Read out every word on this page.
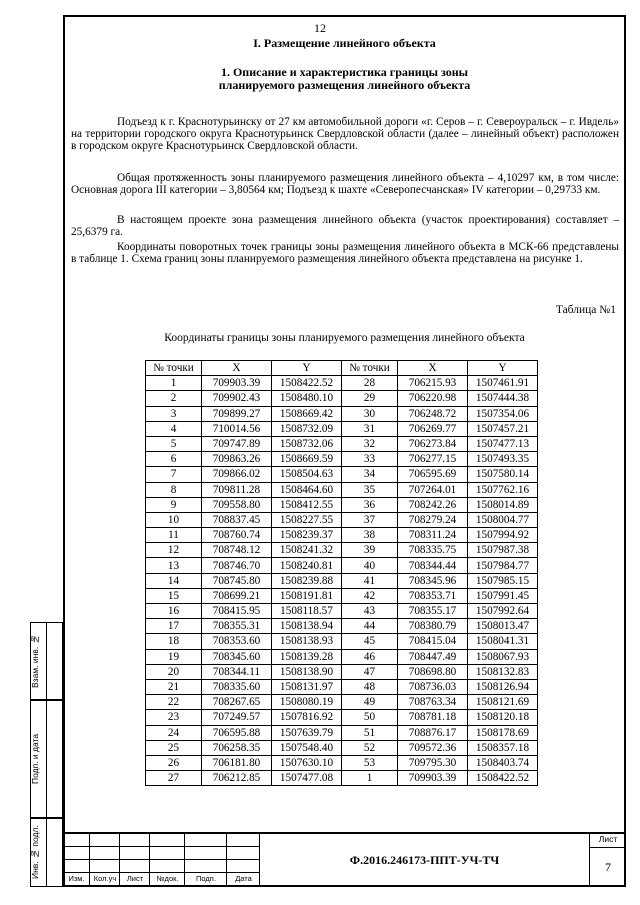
12
I. Размещение линейного объекта
1. Описание и характеристика границы зоны
планируемого размещения линейного объекта

Подъезд к г. Краснотурьинску от 27 км автомобильной дороги «г. Серов – г. Североуральск – г. Ивдель» на территории городского округа Краснотурьинск Свердловской области (далее – линейный объект) расположен в городском округе Краснотурьинск Свердловской области.

Общая протяженность зоны планируемого размещения линейного объекта – 4,10297 км, в том числе: Основная дорога III категории – 3,80564 км; Подъезд к шахте «Северопесчанская» IV категории – 0,29733 км.

В настоящем проекте зона размещения линейного объекта (участок проектирования) составляет – 25,6379 га.

Координаты поворотных точек границы зоны размещения линейного объекта в МСК-66 представлены в таблице 1. Схема границ зоны планируемого размещения линейного объекта представлена на рисунке 1.

Таблица №1
Координаты границы зоны планируемого размещения линейного объекта
№ точки	X	Y	№ точки	X	Y
1	709903.39	1508422.52	28	706215.93	1507461.91
2	709902.43	1508480.10	29	706220.98	1507444.38
3	709899.27	1508669.42	30	706248.72	1507354.06
4	710014.56	1508732.09	31	706269.77	1507457.21
5	709747.89	1508732.06	32	706273.84	1507477.13
6	709863.26	1508669.59	33	706277.15	1507493.35
7	709866.02	1508504.63	34	706595.69	1507580.14
8	709811.28	1508464.60	35	707264.01	1507762.16
9	709558.80	1508412.55	36	708242.26	1508014.89
10	708837.45	1508227.55	37	708279.24	1508004.77
11	708760.74	1508239.37	38	708311.24	1507994.92
12	708748.12	1508241.32	39	708335.75	1507987.38
13	708746.70	1508240.81	40	708344.44	1507984.77
14	708745.80	1508239.88	41	708345.96	1507985.15
15	708699.21	1508191.81	42	708353.71	1507991.45
16	708415.95	1508118.57	43	708355.17	1507992.64
17	708355.31	1508138.94	44	708380.79	1508013.47
18	708353.60	1508138.93	45	708415.04	1508041.31
19	708345.60	1508139.28	46	708447.49	1508067.93
20	708344.11	1508138.90	47	708698.80	1508132.83
21	708335.60	1508131.97	48	708736.03	1508126.94
22	708267.65	1508080.19	49	708763.34	1508121.69
23	707249.57	1507816.92	50	708781.18	1508120.18
24	706595.88	1507639.79	51	708876.17	1508178.69
25	706258.35	1507548.40	52	709572.36	1508357.18
26	706181.80	1507630.10	53	709795.30	1508403.74
27	706212.85	1507477.08	1	709903.39	1508422.52
Взам. инв. №
Подп. и дата
Инв. № подл.	Изм.	Кол.уч	Лист	№док.	Подп.	Дата
Ф.2016.246173-ППТ-УЧ-ТЧ
Лист
7
